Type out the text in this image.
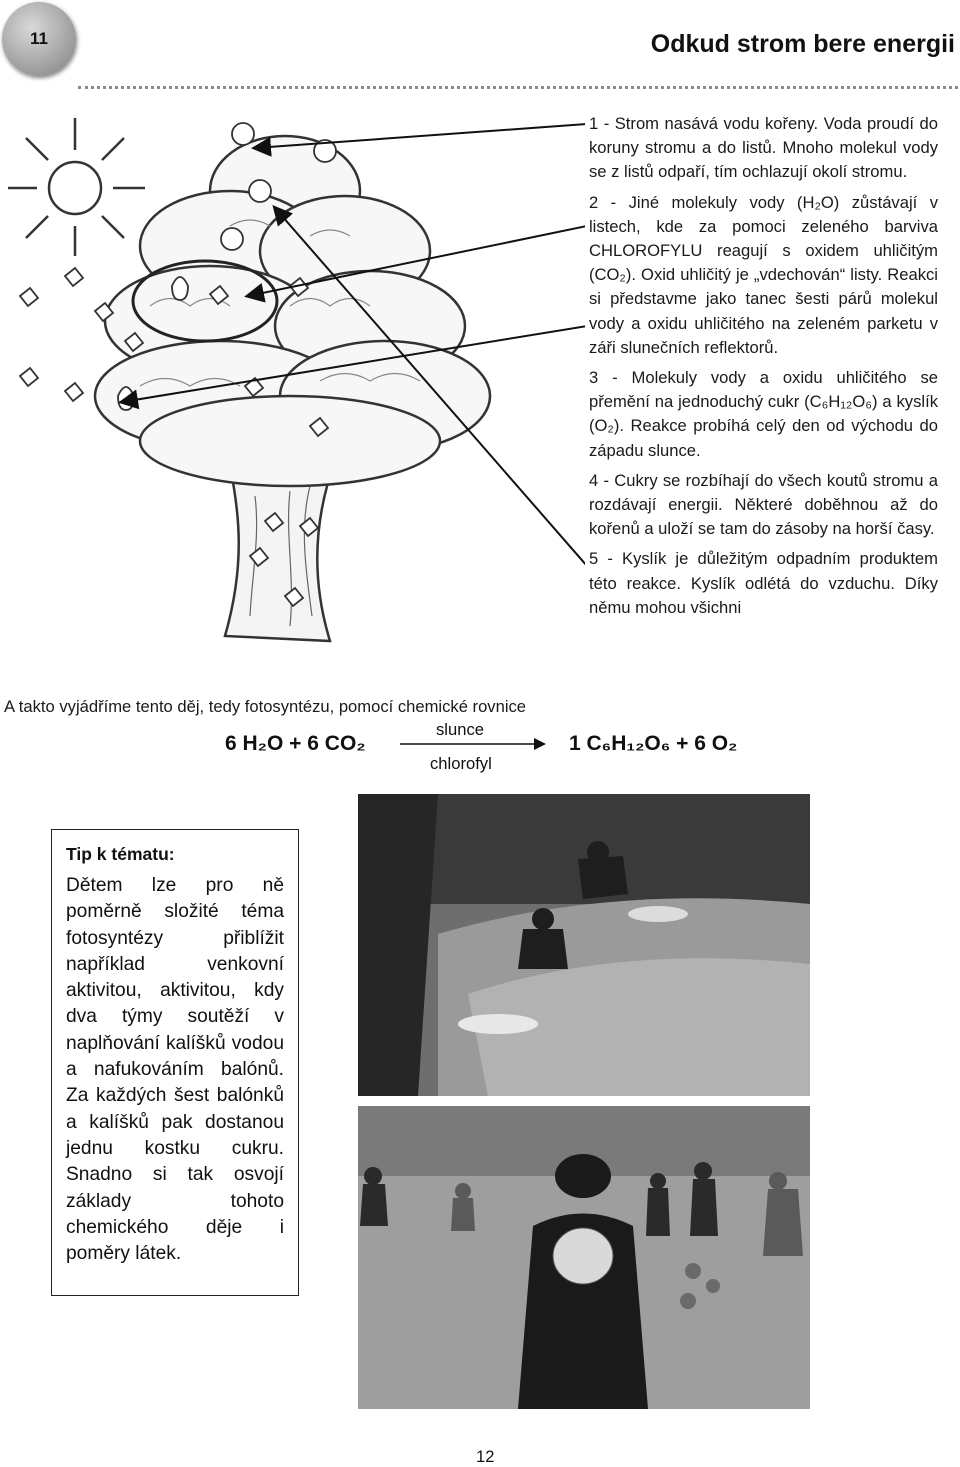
11	Odkud strom bere energii

1 - Strom nasává vodu kořeny. Voda proudí do koruny stromu a do listů. Mnoho molekul vody se z listů odpaří, tím ochlazují okolí stromu.

2 - Jiné molekuly vody (H₂O) zůstávají v listech, kde za pomoci zeleného barviva CHLOROFYLU reagují s oxidem uhličitým (CO₂). Oxid uhličitý je „vdechován“ listy. Reakci si představme jako tanec šesti párů molekul vody a oxidu uhličitého na zeleném parketu v záři slunečních reflektorů.

3 - Molekuly vody a oxidu uhličitého se přemění na jednoduchý cukr (C₆H₁₂O₆) a kyslík (O₂). Reakce probíhá celý den od východu do západu slunce.

4 - Cukry se rozbíhají do všech koutů stromu a rozdávají energii. Některé doběhnou až do kořenů a uloží se tam do zásoby na horší časy.

5 - Kyslík je důležitým odpadním produktem této reakce. Kyslík odlétá do vzduchu. Díky němu mohou všichni

A takto vyjádříme tento děj, tedy fotosyntézu, pomocí chemické rovnice
6 H₂O + 6 CO₂
slunce
chlorofyl
1 C₆H₁₂O₆ + 6 O₂
Tip k tématu:
Dětem lze pro ně poměrně složité téma fotosyntézy přiblížit například venkovní aktivitou, aktivitou, kdy dva týmy soutěží v naplňování kalíšků vodou a nafukováním balónů. Za každých šest balónků a kalíšků pak dostanou jednu kostku cukru. Snadno si tak osvojí základy tohoto chemického děje i poměry látek.
12
